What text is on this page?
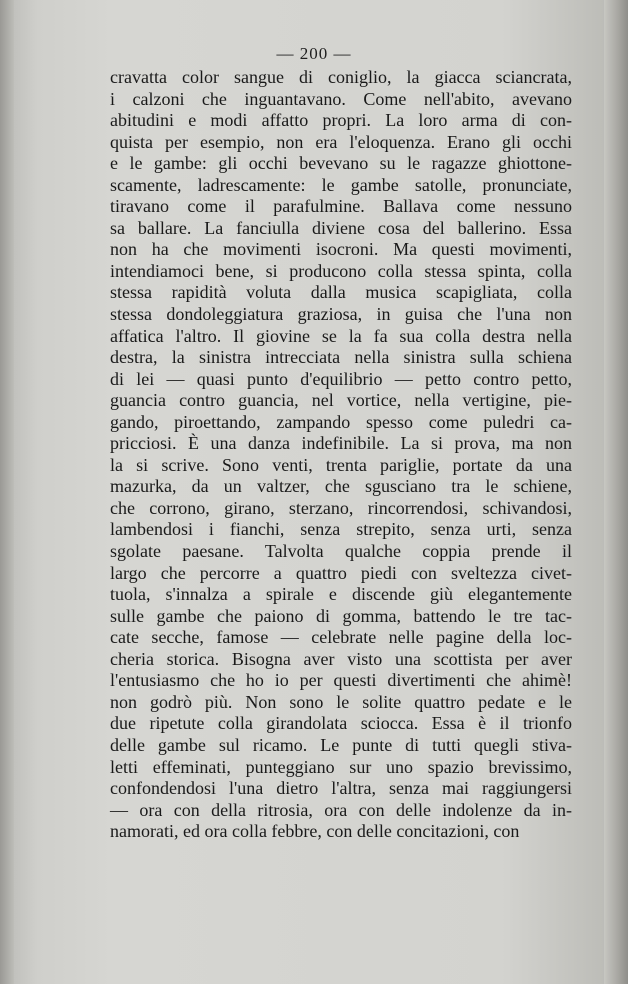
— 200 —
cravatta color sangue di coniglio, la giacca sciancrata,
i calzoni che inguantavano. Come nell'abito, avevano
abitudini e modi affatto propri. La loro arma di con-
quista per esempio, non era l'eloquenza. Erano gli occhi
e le gambe: gli occhi bevevano su le ragazze ghiottone-
scamente, ladrescamente: le gambe satolle, pronunciate,
tiravano come il parafulmine. Ballava come nessuno
sa ballare. La fanciulla diviene cosa del ballerino. Essa
non ha che movimenti isocroni. Ma questi movimenti,
intendiamoci bene, si producono colla stessa spinta, colla
stessa rapidità voluta dalla musica scapigliata, colla
stessa dondoleggiatura graziosa, in guisa che l'una non
affatica l'altro. Il giovine se la fa sua colla destra nella
destra, la sinistra intrecciata nella sinistra sulla schiena
di lei — quasi punto d'equilibrio — petto contro petto,
guancia contro guancia, nel vortice, nella vertigine, pie-
gando, piroettando, zampando spesso come puledri ca-
pricciosi. È una danza indefinibile. La si prova, ma non
la si scrive. Sono venti, trenta pariglie, portate da una
mazurka, da un valtzer, che sgusciano tra le schiene,
che corrono, girano, sterzano, rincorrendosi, schivandosi,
lambendosi i fianchi, senza strepito, senza urti, senza
sgolate paesane. Talvolta qualche coppia prende il
largo che percorre a quattro piedi con sveltezza civet-
tuola, s'innalza a spirale e discende giù elegantemente
sulle gambe che paiono di gomma, battendo le tre tac-
cate secche, famose — celebrate nelle pagine della loc-
cheria storica. Bisogna aver visto una scottista per aver
l'entusiasmo che ho io per questi divertimenti che ahimè!
non godrò più. Non sono le solite quattro pedate e le
due ripetute colla girandolata sciocca. Essa è il trionfo
delle gambe sul ricamo. Le punte di tutti quegli stiva-
letti effeminati, punteggiano sur uno spazio brevissimo,
confondendosi l'una dietro l'altra, senza mai raggiungersi
— ora con della ritrosia, ora con delle indolenze da in-
namorati, ed ora colla febbre, con delle concitazioni, con
